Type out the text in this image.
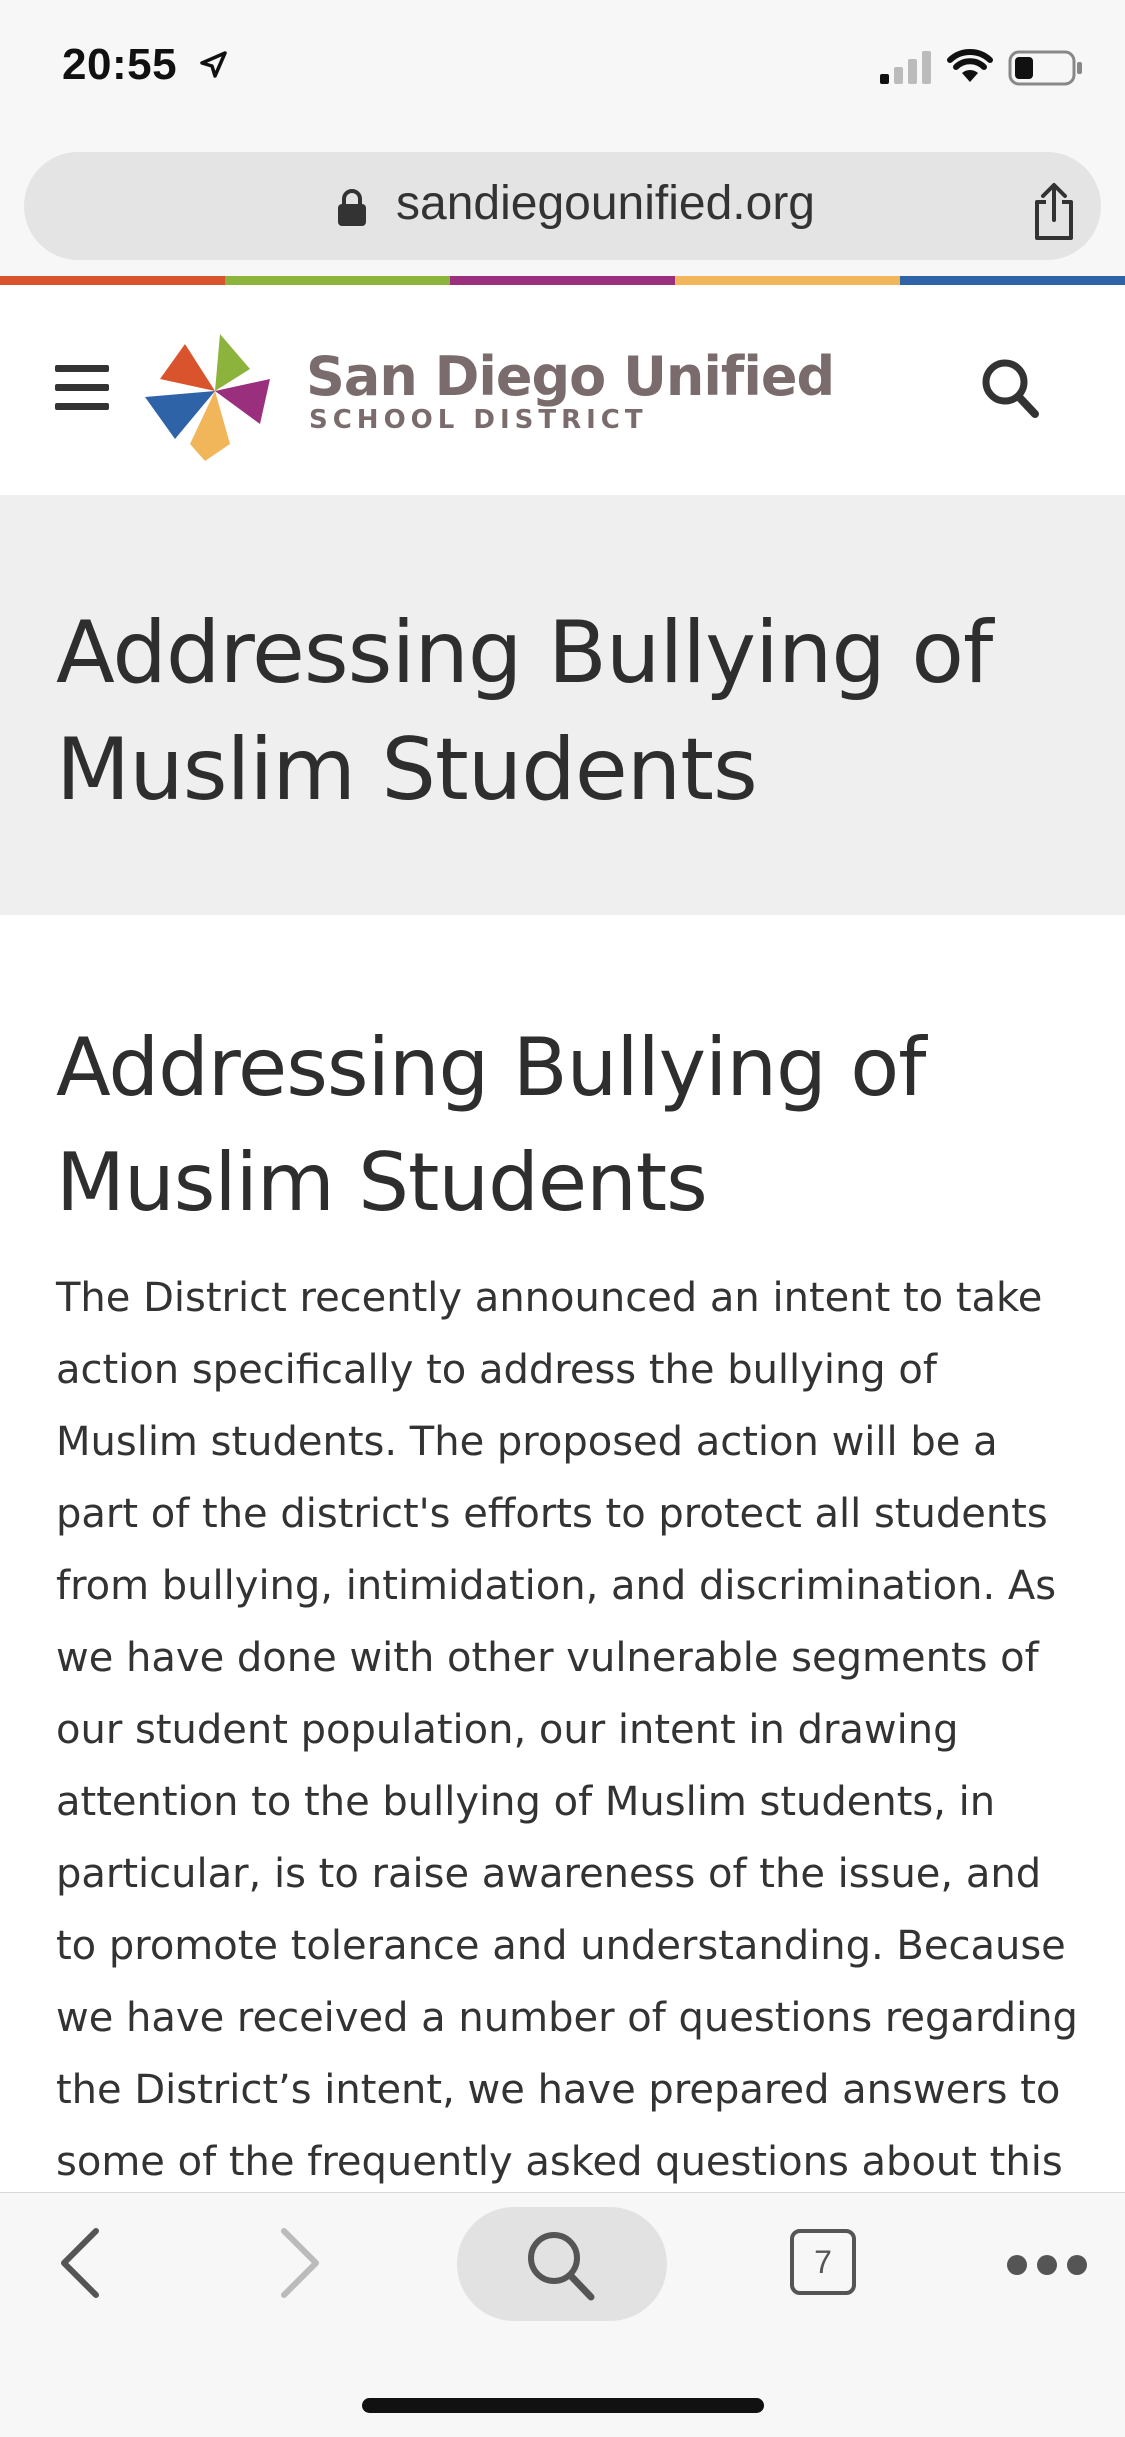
20:55
sandiegounified.org
San Diego Unified
SCHOOL DISTRICT
Addressing Bullying of Muslim Students
Addressing Bullying of Muslim Students

The District recently announced an intent to take action specifically to address the bullying of Muslim students. The proposed action will be a part of the district's efforts to protect all students from bullying, intimidation, and discrimination. As we have done with other vulnerable segments of our student population, our intent in drawing attention to the bullying of Muslim students, in particular, is to raise awareness of the issue, and to promote tolerance and understanding. Because we have received a number of questions regarding the District’s intent, we have prepared answers to some of the frequently asked questions about this

7
